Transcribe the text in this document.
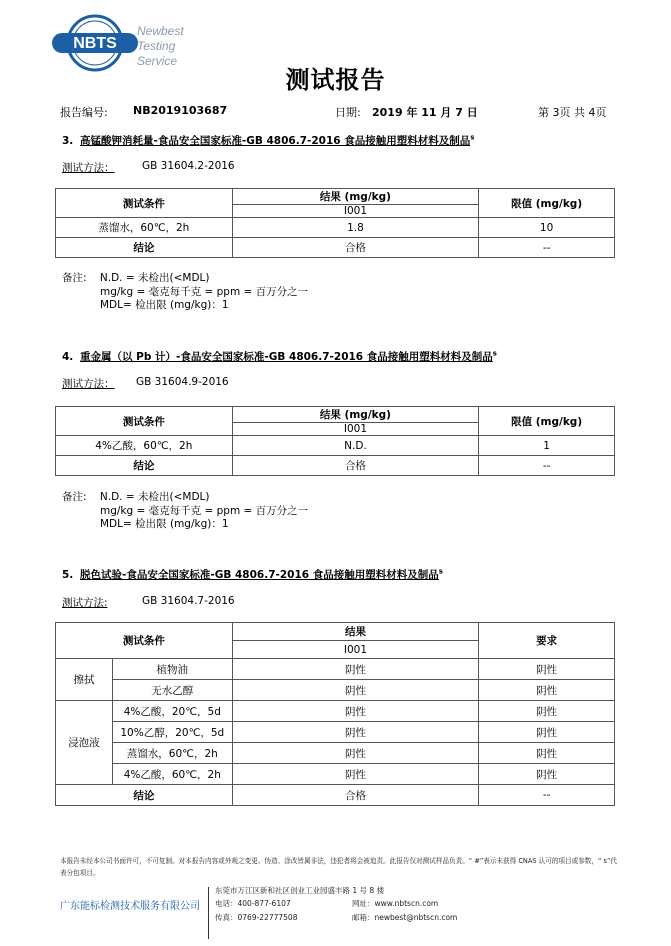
NBTS
Newbest
Testing
Service
测试报告
报告编号: NB2019103687	日期: 2019 年 11 月 7 日	第 3页 共 4页
3. 高锰酸钾消耗量-食品安全国家标准-GB 4806.7-2016 食品接触用塑料材料及制品$^s$
测试方法：	GB 31604.2-2016
测试条件	结果 (mg/kg)	限值 (mg/kg)
	I001	
蒸馏水，60℃，2h	1.8	10
结论	合格	--
备注: N.D. = 未检出(<MDL)
mg/kg = 毫克每千克 = ppm = 百万分之一
MDL= 检出限 (mg/kg)：1
4. 重金属（以 Pb 计）-食品安全国家标准-GB 4806.7-2016 食品接触用塑料材料及制品$^s$
测试方法： GB 31604.9-2016
测试条件	结果 (mg/kg)	限值 (mg/kg)
	I001	
4%乙酸，60℃，2h	N.D.	1
结论	合格	--
备注: N.D. = 未检出(<MDL)
mg/kg = 毫克每千克 = ppm = 百万分之一
MDL= 检出限 (mg/kg)：1
5. 脱色试验-食品安全国家标准-GB 4806.7-2016 食品接触用塑料材料及制品$^s$
测试方法:	GB 31604.7-2016
测试条件		结果	要求
		I001	
擦拭	植物油	阴性	阴性
	无水乙醇	阴性	阴性
浸泡液	4%乙酸，20℃，5d	阴性	阴性
	10%乙醇，20℃，5d	阴性	阴性
	蒸馏水，60℃，2h	阴性	阴性
	4%乙酸，60℃，2h	阴性	阴性
结论		合格	--
本报告未经本公司书面许可，不可复制。对本报告内容或外观之变更、伪造、涂改皆属非法，违犯者将会被追责。此报告仅对测试样品负责。“ #”表示未获得 CNAS 认可的项目或参数，“ s”代表分包项目。
广东能标检测技术服务有限公司
东莞市万江区新和社区创业工业园盛丰路 1 号 8 楼
电话：400-877-6107	网址：www.nbtscn.com
传真：0769-22777508	邮箱：newbest@nbtscn.com
